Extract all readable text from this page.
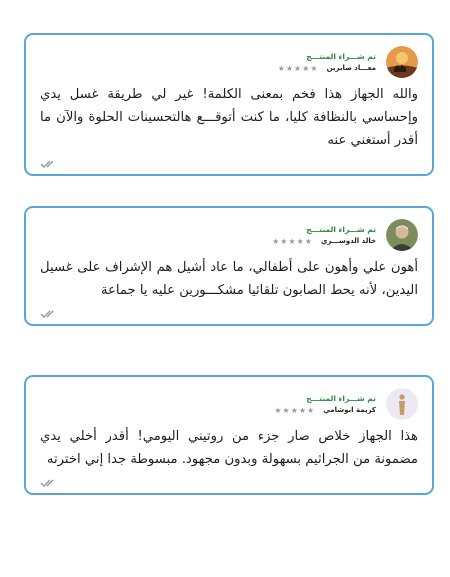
تم شـــراء المنتـــج
معـــاد صابرين
★★★★★
والله الجهاز هذا فخم بمعنى الكلمة! غير لي طريقة غسل يدي وإحساسي بالنظافة كليا، ما كنت أتوقـــع هالتحسينات الحلوة والآن ما أقدر أستغني عنه
تم شـــراء المنتـــج
خالد الدوســـري
★★★★★
أهون علي وأهون على أطفالي، ما عاد أشيل هم الإشراف على غسيل اليدين، لأنه يحط الصابون تلقائيا مشكـــورين عليه يا جماعة
تم شـــراء المنتـــج
كريمة ابوشامي
★★★★★
هذا الجهاز خلاص صار جزء من روتيني اليومي! أقدر أخلي يدي مضمونة من الجراثيم بسهولة وبدون مجهود. مبسوطة جدا إني اخترته
